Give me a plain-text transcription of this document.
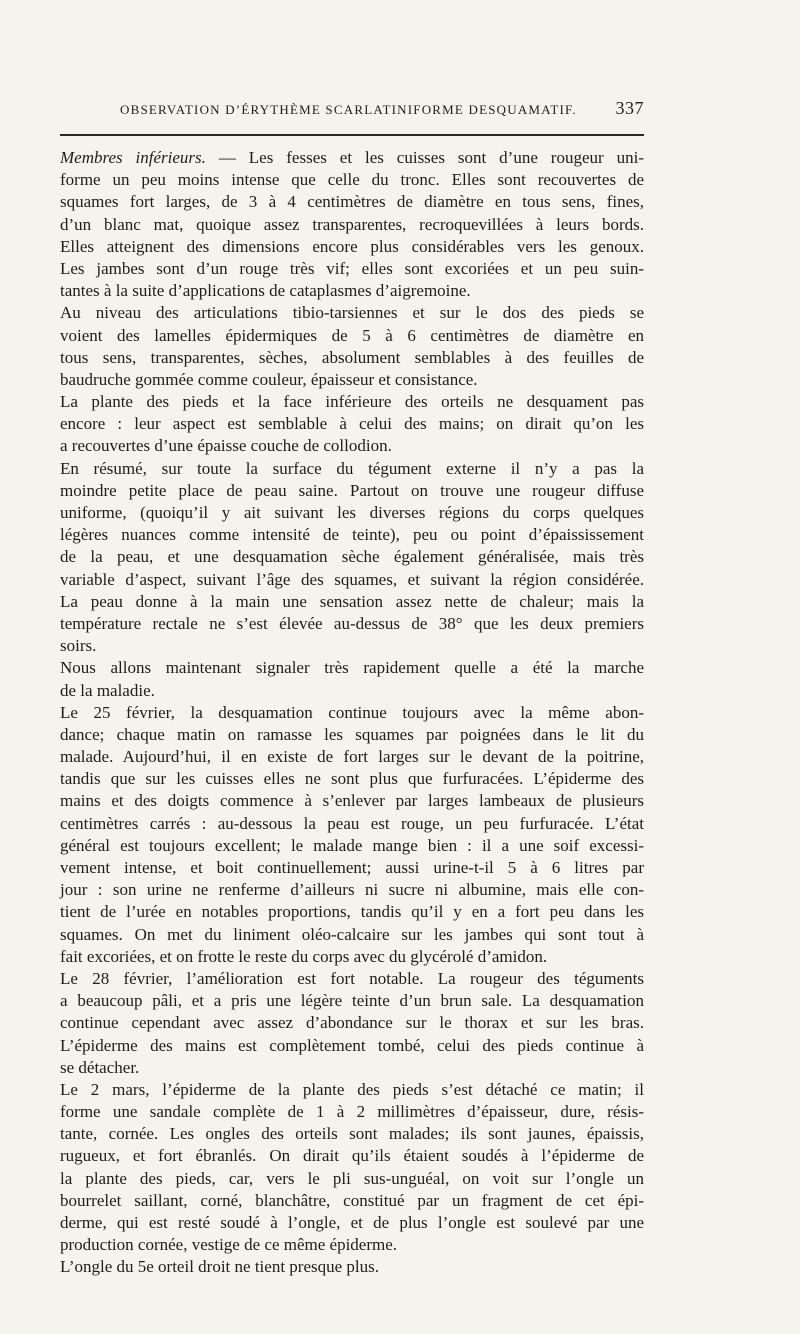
OBSERVATION D’ÉRYTHÈME SCARLATINIFORME DESQUAMATIF. 337
Membres inférieurs. — Les fesses et les cuisses sont d’une rougeur uni-
forme un peu moins intense que celle du tronc. Elles sont recouvertes de
squames fort larges, de 3 à 4 centimètres de diamètre en tous sens, fines,
d’un blanc mat, quoique assez transparentes, recroquevillées à leurs bords.
Elles atteignent des dimensions encore plus considérables vers les genoux.
Les jambes sont d’un rouge très vif; elles sont excoriées et un peu suin-
tantes à la suite d’applications de cataplasmes d’aigremoine.
Au niveau des articulations tibio-tarsiennes et sur le dos des pieds se
voient des lamelles épidermiques de 5 à 6 centimètres de diamètre en
tous sens, transparentes, sèches, absolument semblables à des feuilles de
baudruche gommée comme couleur, épaisseur et consistance.
La plante des pieds et la face inférieure des orteils ne desquament pas
encore : leur aspect est semblable à celui des mains; on dirait qu’on les
a recouvertes d’une épaisse couche de collodion.
En résumé, sur toute la surface du tégument externe il n’y a pas la
moindre petite place de peau saine. Partout on trouve une rougeur diffuse
uniforme, (quoiqu’il y ait suivant les diverses régions du corps quelques
légères nuances comme intensité de teinte), peu ou point d’épaississement
de la peau, et une desquamation sèche également généralisée, mais très
variable d’aspect, suivant l’âge des squames, et suivant la région considérée.
La peau donne à la main une sensation assez nette de chaleur; mais la
température rectale ne s’est élevée au-dessus de 38° que les deux premiers
soirs.
Nous allons maintenant signaler très rapidement quelle a été la marche
de la maladie.
Le 25 février, la desquamation continue toujours avec la même abon-
dance; chaque matin on ramasse les squames par poignées dans le lit du
malade. Aujourd’hui, il en existe de fort larges sur le devant de la poitrine,
tandis que sur les cuisses elles ne sont plus que furfuracées. L’épiderme des
mains et des doigts commence à s’enlever par larges lambeaux de plusieurs
centimètres carrés : au-dessous la peau est rouge, un peu furfuracée. L’état
général est toujours excellent; le malade mange bien : il a une soif excessi-
vement intense, et boit continuellement; aussi urine-t-il 5 à 6 litres par
jour : son urine ne renferme d’ailleurs ni sucre ni albumine, mais elle con-
tient de l’urée en notables proportions, tandis qu’il y en a fort peu dans les
squames. On met du liniment oléo-calcaire sur les jambes qui sont tout à
fait excoriées, et on frotte le reste du corps avec du glycérolé d’amidon.
Le 28 février, l’amélioration est fort notable. La rougeur des téguments
a beaucoup pâli, et a pris une légère teinte d’un brun sale. La desquamation
continue cependant avec assez d’abondance sur le thorax et sur les bras.
L’épiderme des mains est complètement tombé, celui des pieds continue à
se détacher.
Le 2 mars, l’épiderme de la plante des pieds s’est détaché ce matin; il
forme une sandale complète de 1 à 2 millimètres d’épaisseur, dure, résis-
tante, cornée. Les ongles des orteils sont malades; ils sont jaunes, épaissis,
rugueux, et fort ébranlés. On dirait qu’ils étaient soudés à l’épiderme de
la plante des pieds, car, vers le pli sus-unguéal, on voit sur l’ongle un
bourrelet saillant, corné, blanchâtre, constitué par un fragment de cet épi-
derme, qui est resté soudé à l’ongle, et de plus l’ongle est soulevé par une
production cornée, vestige de ce même épiderme.
L’ongle du 5e orteil droit ne tient presque plus.
